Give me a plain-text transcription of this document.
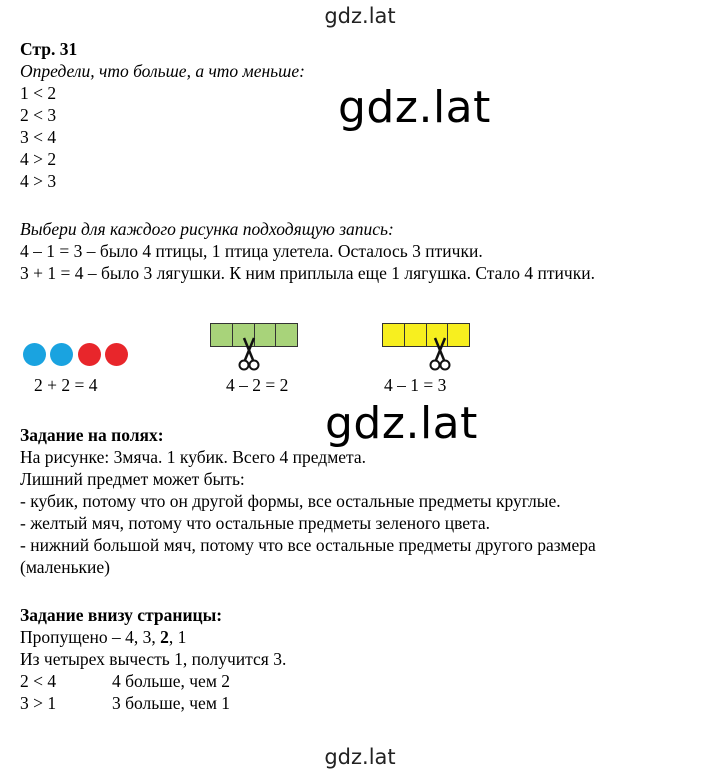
gdz.lat
gdz.lat
gdz.lat
Стр. 31
Определи, что больше, а что меньше:
1 < 2
2 < 3
3 < 4
4 > 2
4 > 3
Выбери для каждого рисунка подходящую запись:
4 – 1 = 3 – было 4 птицы, 1 птица улетела. Осталось 3 птички.
3 + 1 = 4 – было 3 лягушки. К ним приплыла еще 1 лягушка. Стало 4 птички.
2 + 2 = 4	4 – 2 = 2	4 – 1 = 3
Задание на полях:
На рисунке: 3мяча. 1 кубик. Всего 4 предмета.
Лишний предмет может быть:
- кубик, потому что он другой формы, все остальные предметы круглые.
- желтый мяч, потому что остальные предметы зеленого цвета.
- нижний большой мяч, потому что все остальные предметы другого размера
(маленькие)
Задание внизу страницы:
Пропущено – 4, 3, 2, 1
Из четырех вычесть 1, получится 3.
2 < 4	4 больше, чем 2
3 > 1	3 больше, чем 1
gdz.lat
